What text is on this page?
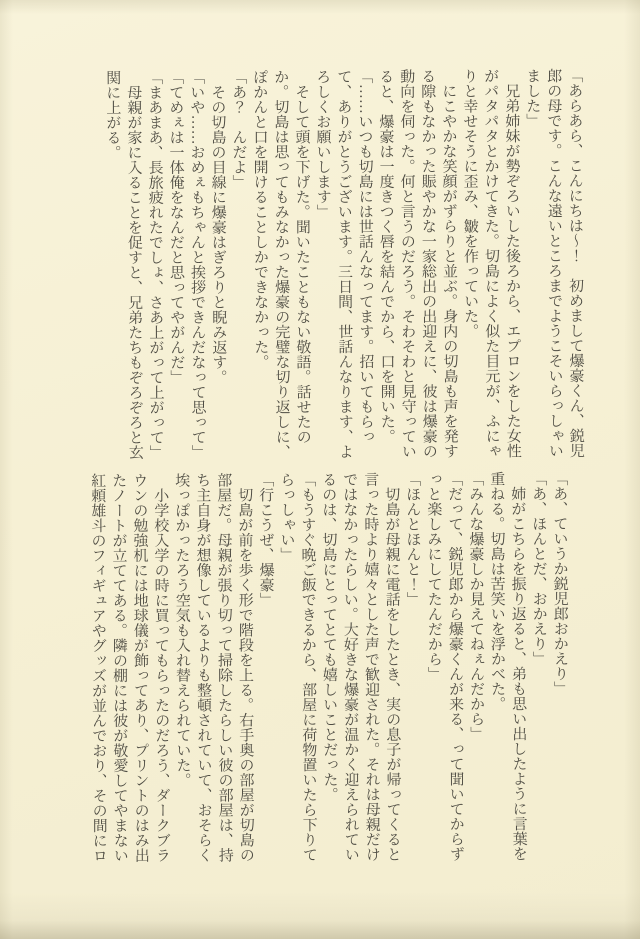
「あらあら、こんにちは～！　初めまして爆豪くん、鋭児郎の母です。こんな遠いところまでようこそいらっしゃいました」

兄弟姉妹が勢ぞろいした後ろから、エプロンをした女性がパタパタとかけてきた。切島によく似た目元が、ふにゃりと幸せそうに歪み、皺を作っていた。

にこやかな笑顔がずらりと並ぶ。身内の切島も声を発する隙もなかった賑やかな一家総出の出迎えに、彼は爆豪の動向を伺った。何と言うのだろう。そわそわと見守っていると、爆豪は一度きつく唇を結んでから、口を開いた。

「……いつも切島には世話んなってます。招いてもらって、ありがとうございます。三日間、世話んなります、よろしくお願いします」

そして頭を下げた。聞いたこともない敬語。話せたのか。切島は思ってもみなかった爆豪の完璧な切り返しに、ぽかんと口を開けることしかできなかった。

「あ？　んだよ」

その切島の目線に爆豪はぎろりと睨み返す。

「いや……おめぇもちゃんと挨拶できんだなって思って」

「てめぇは一体俺をなんだと思ってやがんだ」

「まあまあ、長旅疲れたでしょ、さあ上がって上がって」

母親が家に入ることを促すと、兄弟たちもぞろぞろと玄関に上がる。

「あ、ていうか鋭児郎おかえり」

「あ、ほんとだ、おかえり」

姉がこちらを振り返ると、弟も思い出したように言葉を重ねる。切島は苦笑いを浮かべた。

「みんな爆豪しか見えてねぇんだから」

「だって、鋭児郎から爆豪くんが来る、って聞いてからずっと楽しみにしてたんだから」

「ほんとほんと！」

切島が母親に電話をしたとき、実の息子が帰ってくると言った時より嬉々とした声で歓迎された。それは母親だけではなかったらしい。大好きな爆豪が温かく迎えられているのは、切島にとってとても嬉しいことだった。

「もうすぐ晩ご飯できるから、部屋に荷物置いたら下りてらっしゃい」

「行こうぜ、爆豪」

切島が前を歩く形で階段を上る。右手奥の部屋が切島の部屋だ。母親が張り切って掃除したらしい彼の部屋は、持ち主自身が想像しているよりも整頓されていて、おそらく埃っぽかったろう空気も入れ替えられていた。

小学校入学の時に買ってもらったのだろう、ダークブラウンの勉強机には地球儀が飾ってあり、プリントのはみ出たノートが立ててある。隣の棚には彼が敬愛してやまない紅頼雄斗のフィギュアやグッズが並んでおり、その間にロ
